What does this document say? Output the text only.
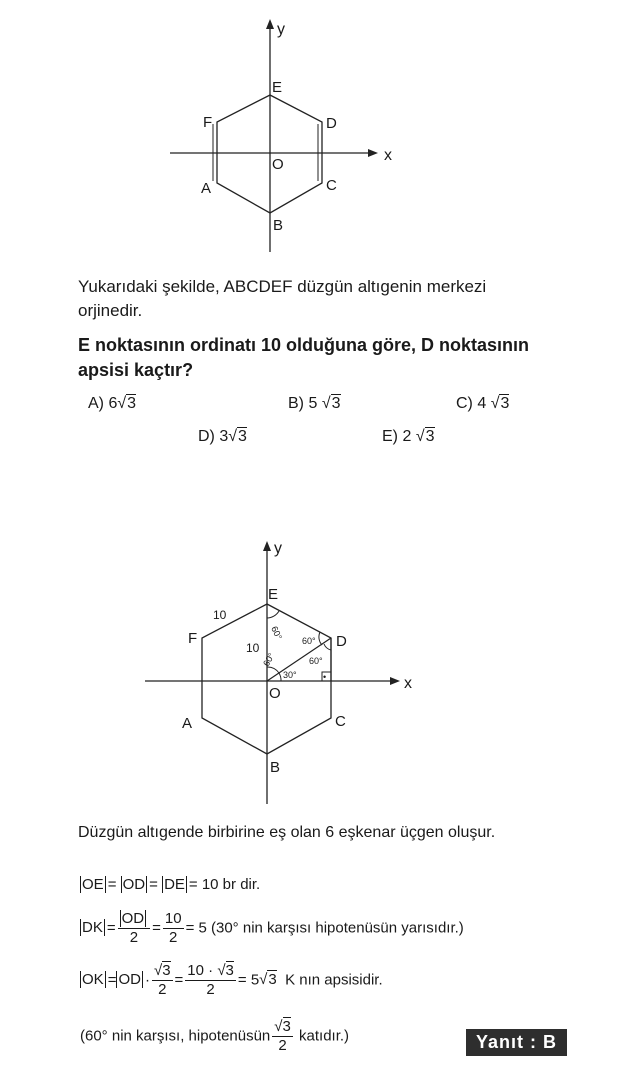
y
x
E
D
F
O
C
A
B
Yukarıdaki şekilde, ABCDEF düzgün altıgenin merkezi orjinedir.
E noktasının ordinatı 10 olduğuna göre, D noktasının apsisi kaçtır?
A) 6√3	B) 5 √3	C) 4 √3
D) 3√3	E) 2 √3
•
y
x
E
D
F
O
C
A
B
10
10
60°
60°
30°
60°
60°
Düzgün altıgende birbirine eş olan 6 eşkenar üçgen oluşur.
OE = OD = DE = 10 br dir.
DK = $\frac{OD}{2} = \frac{10}{2} = 5$ (30° nin karşısı hipotenüsün yarısıdır.)
OK = OD · $\frac{√3}{2} = \frac{10 \cdot √3}{2} = 5√3$ K nın apsisidir.
(60° nin karşısı, hipotenüsün $\frac{√3}{2}$ katıdır.)	Yanıt : B
